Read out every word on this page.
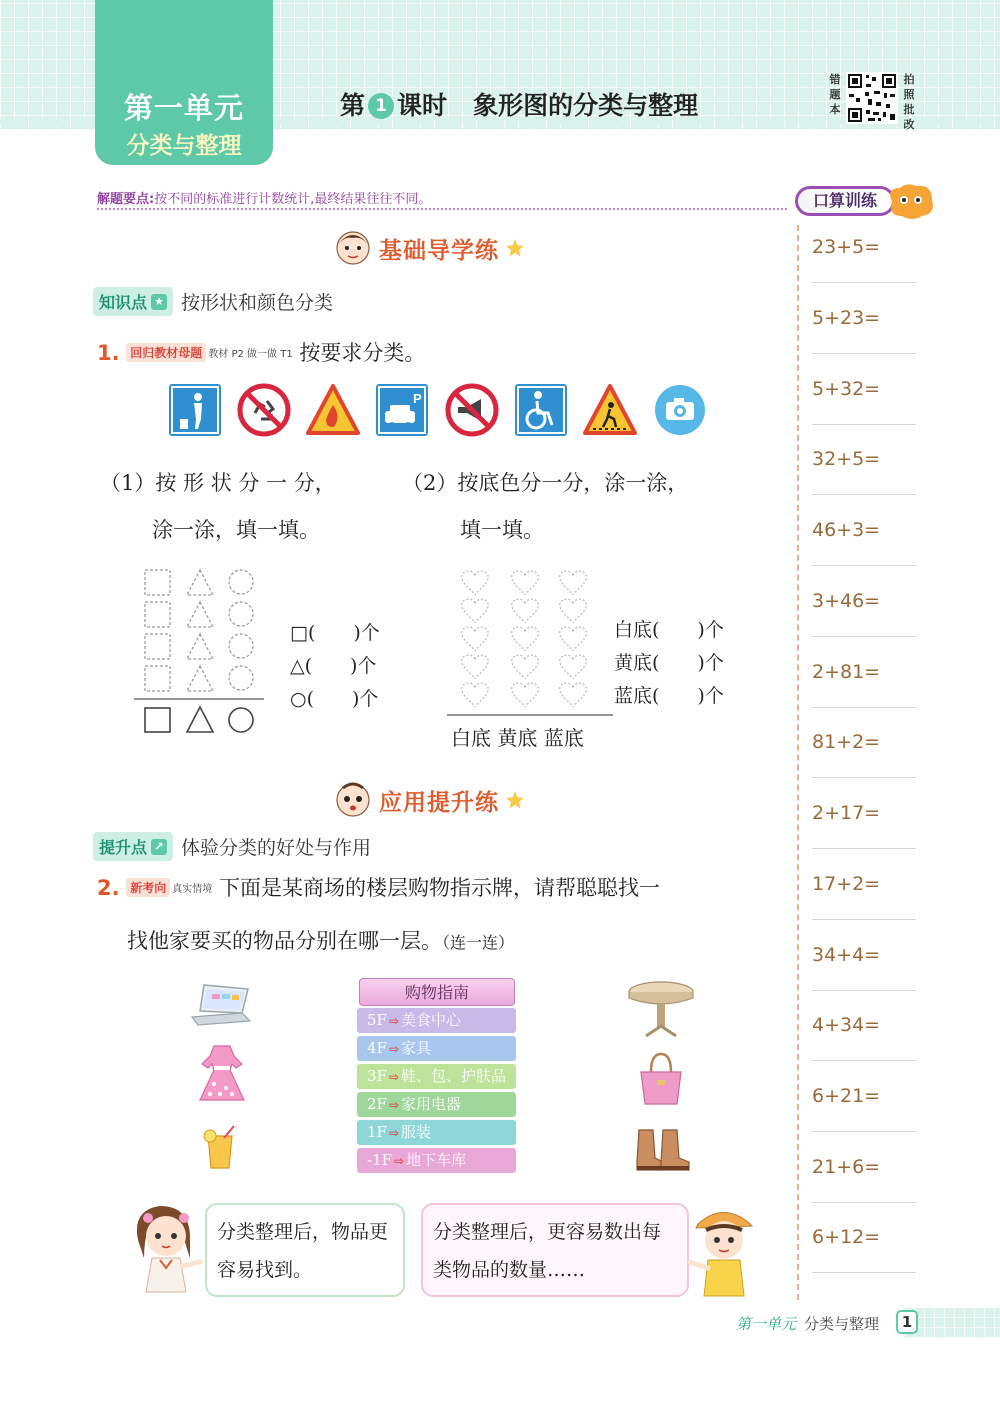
第一单元
分类与整理
第 1 课时 象形图的分类与整理
错题本
拍照批改
解题要点:按不同的标准进行计数统计,最终结果往往不同。
基础导学练
知识点 ★ 按形状和颜色分类
1. 回归教材母题 教材 P2 做一做 T1 按要求分类。
P
（1）按 形 状 分 一 分，
涂一涂，填一填。
（2）按底色分一分，涂一涂，
填一填。
□(　　)个
△(　　)个
○(　　)个
白底 黄底 蓝底
白底(　　)个
黄底(　　)个
蓝底(　　)个
应用提升练
提升点 ↗ 体验分类的好处与作用
2. 新考向 真实情境 下面是某商场的楼层购物指示牌，请帮聪聪找一
找他家要买的物品分别在哪一层。（连一连）
购物指南
5F ⇨ 美食中心
4F ⇨ 家具
3F ⇨ 鞋、包、护肤品
2F ⇨ 家用电器
1F ⇨ 服装
-1F ⇨ 地下车库
分类整理后，物品更容易找到。
分类整理后，更容易数出每类物品的数量……
口算训练
23+5=
5+23=
5+32=
32+5=
46+3=
3+46=
2+81=
81+2=
2+17=
17+2=
34+4=
4+34=
6+21=
21+6=
6+12=
第一单元 分类与整理	1
